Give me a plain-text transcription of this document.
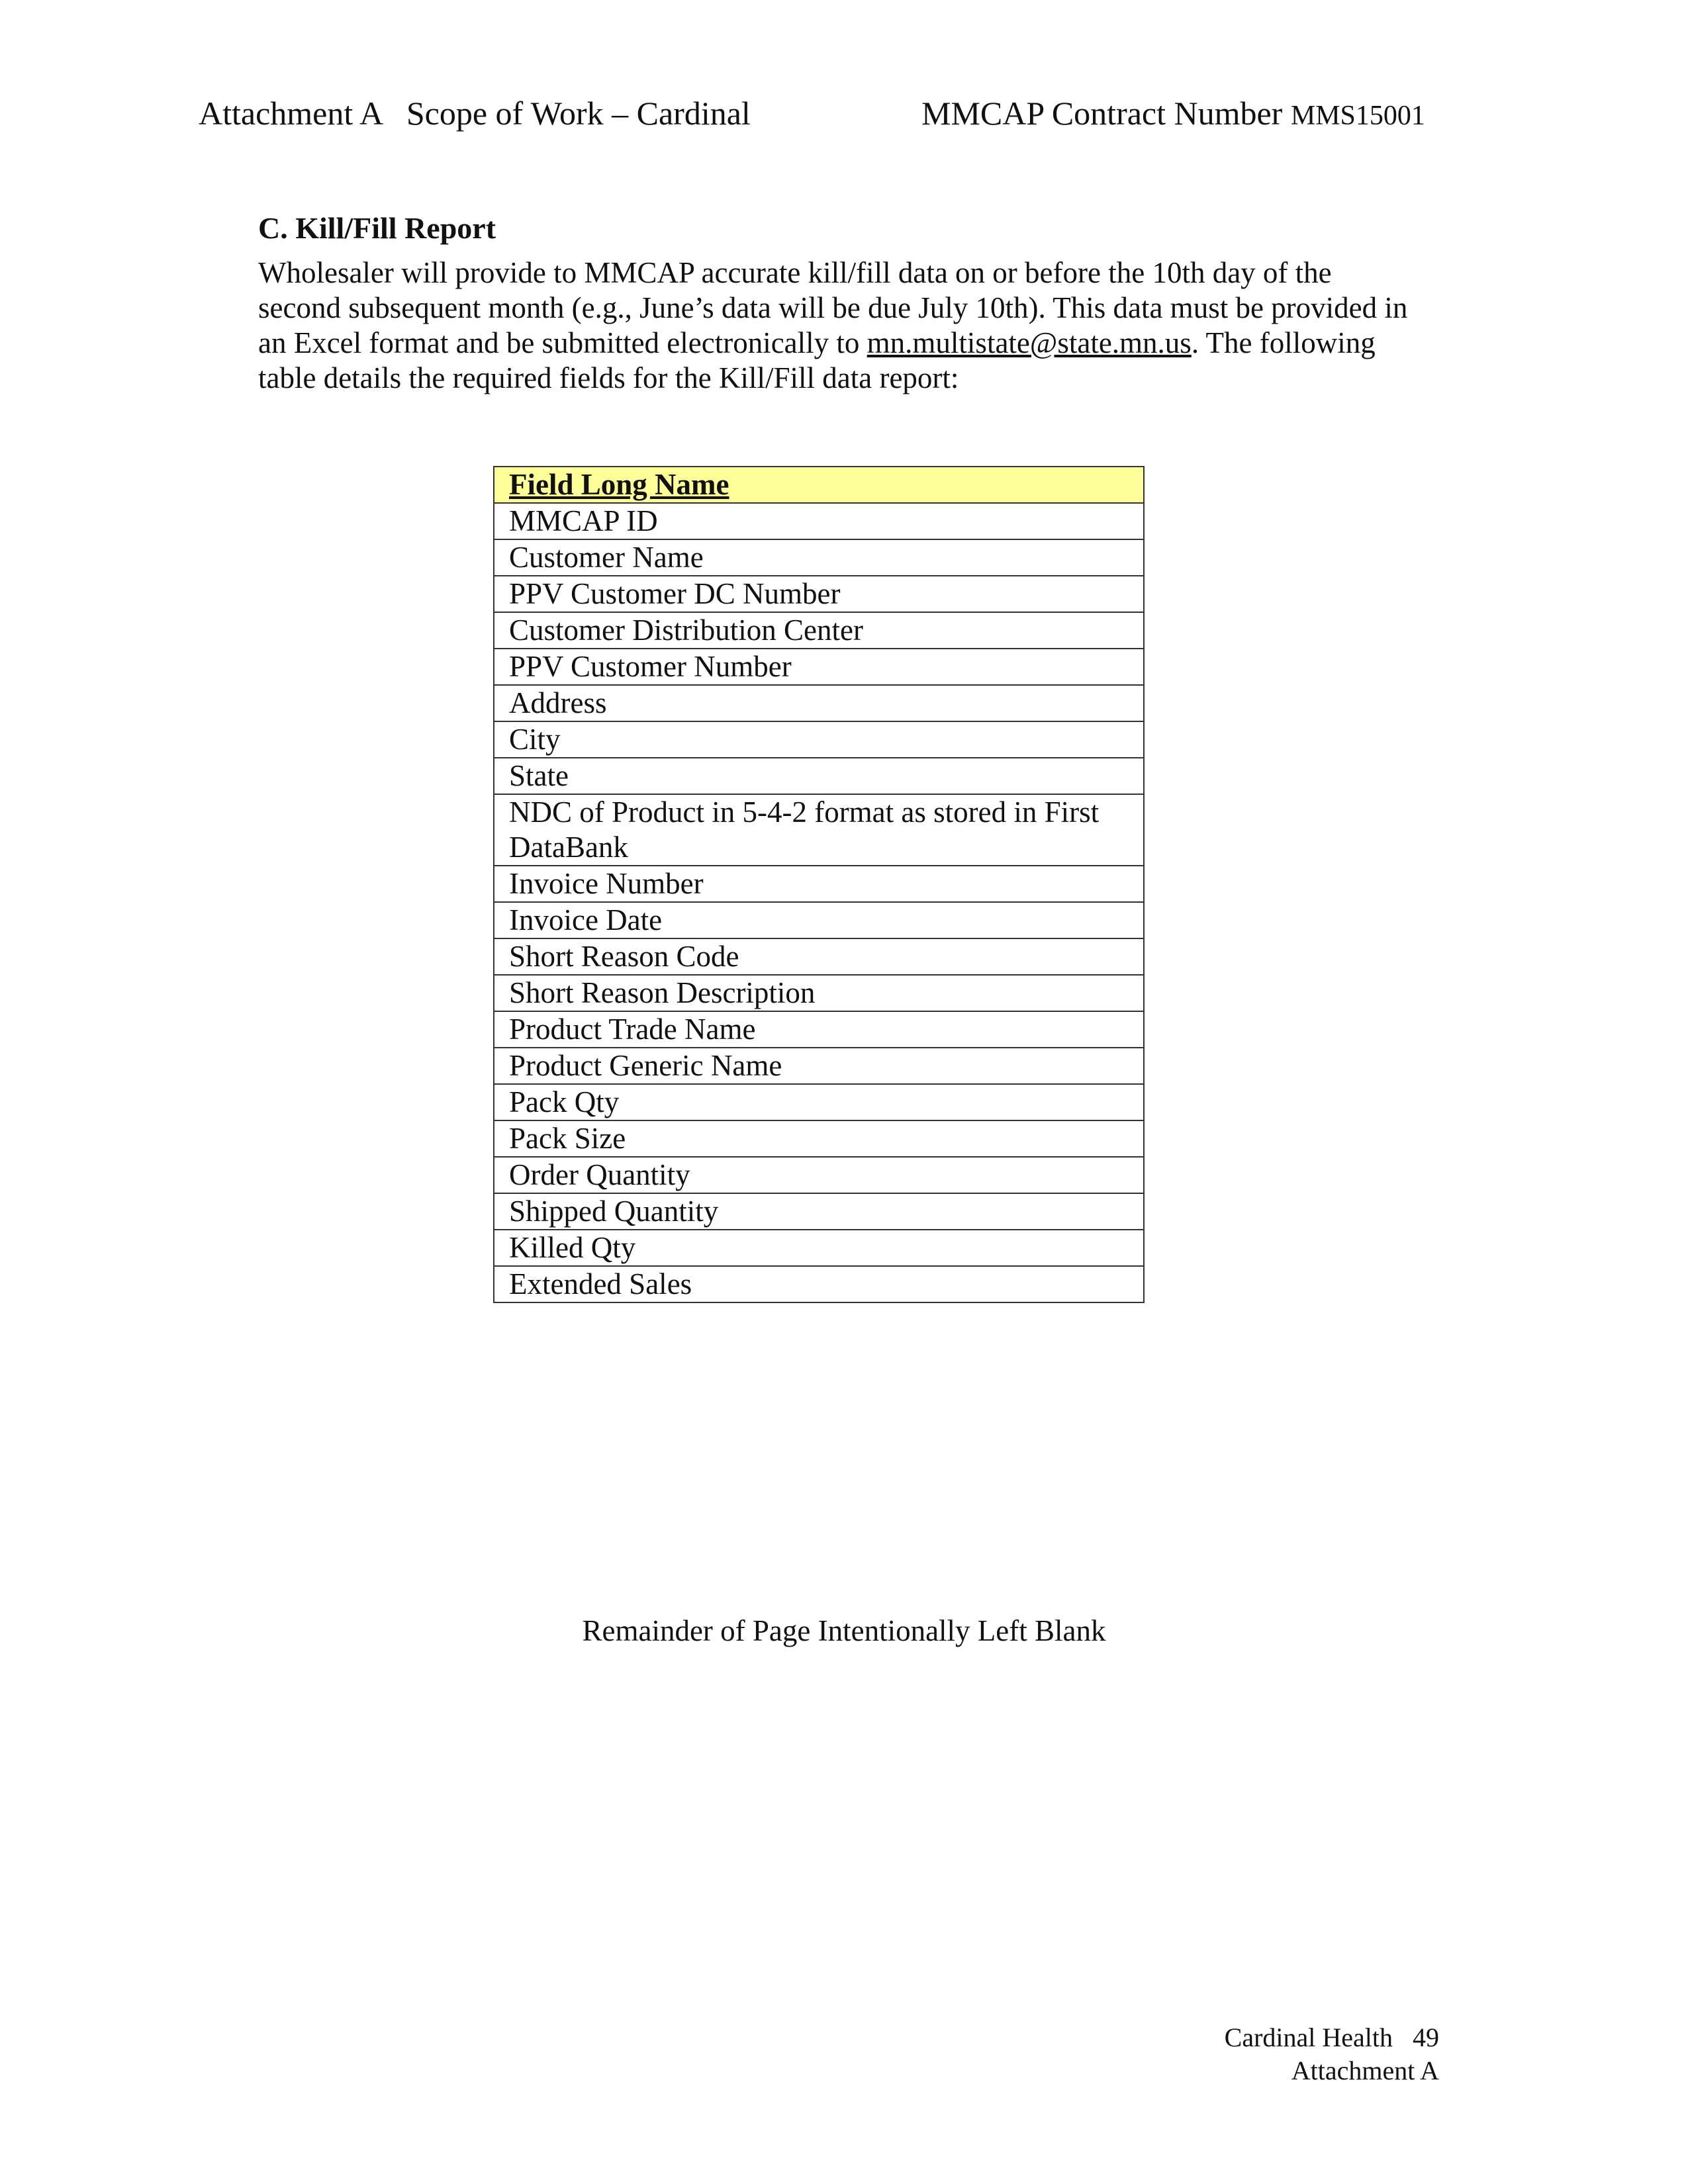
Attachment A   Scope of Work – Cardinal	MMCAP Contract Number MMS15001
C. Kill/Fill Report
Wholesaler will provide to MMCAP accurate kill/fill data on or before the 10th day of the
second subsequent month (e.g., June’s data will be due July 10th). This data must be provided in
an Excel format and be submitted electronically to mn.multistate@state.mn.us. The following
table details the required fields for the Kill/Fill data report:
Field Long Name
MMCAP ID
Customer Name
PPV Customer DC Number
Customer Distribution Center
PPV Customer Number
Address
City
State
NDC of Product in 5-4-2 format as stored in First DataBank
Invoice Number
Invoice Date
Short Reason Code
Short Reason Description
Product Trade Name
Product Generic Name
Pack Qty
Pack Size
Order Quantity
Shipped Quantity
Killed Qty
Extended Sales
Remainder of Page Intentionally Left Blank
Cardinal Health   49
Attachment A
